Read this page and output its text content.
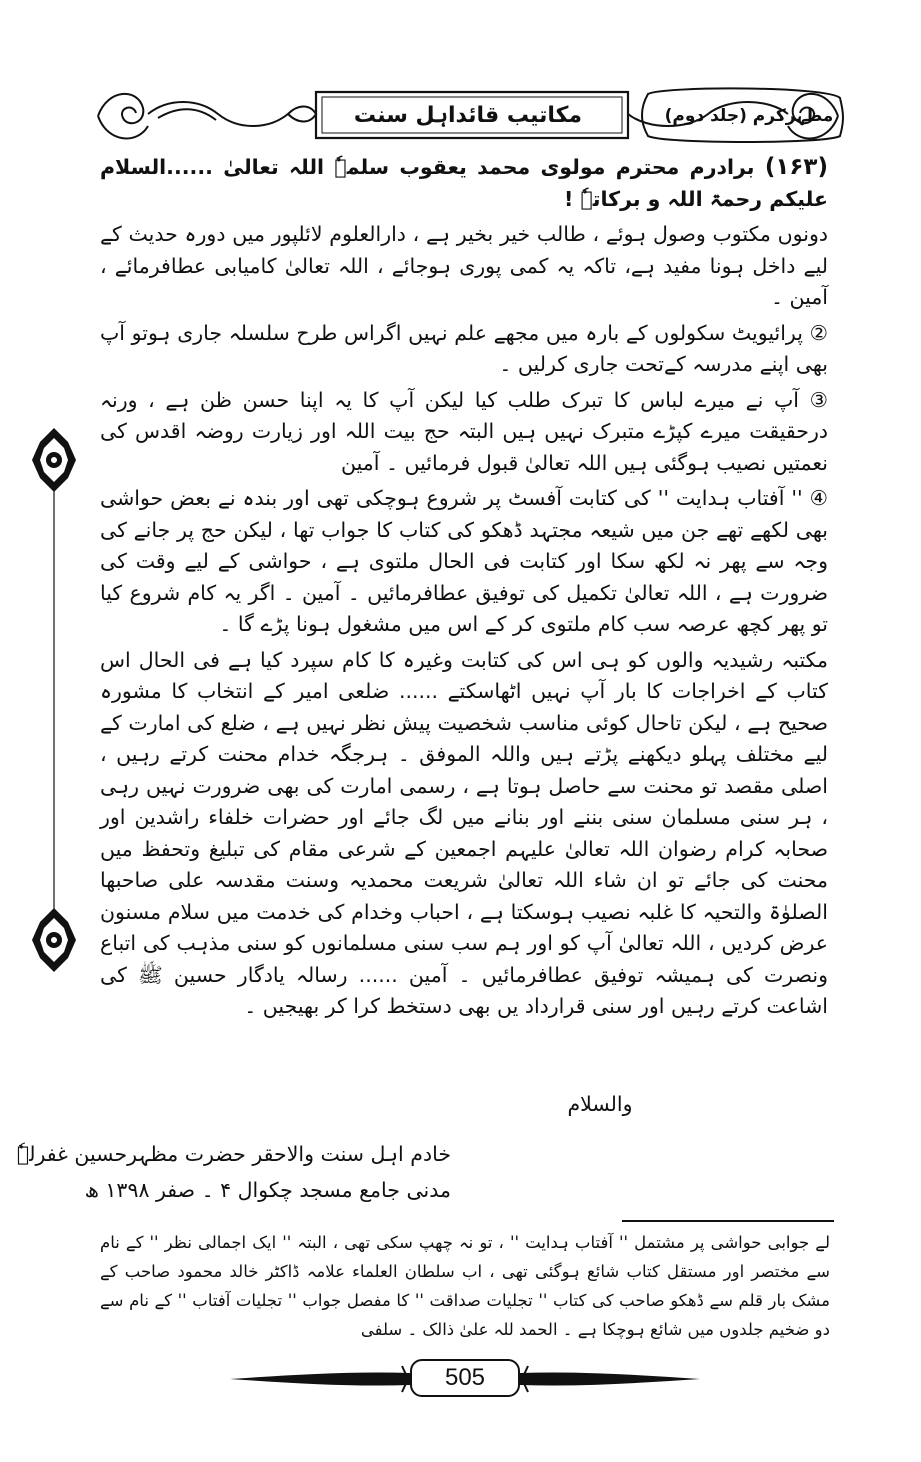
مکاتیب قائداہل سنت	مظہرکرم (جلد دوم)

(۱۶۳) برادرم محترم مولوی محمد یعقوب سلمہٗ اللہ تعالیٰ ......السلام علیکم رحمۃ اللہ و برکاتہٗ !

دونوں مکتوب وصول ہوئے ، طالب خیر بخیر ہے ، دارالعلوم لائلپور میں دورہ حدیث کے لیے داخل ہونا مفید ہے، تاکہ یہ کمی پوری ہوجائے ، اللہ تعالیٰ کامیابی عطافرمائے ، آمین ۔

② پرائیویٹ سکولوں کے بارہ میں مجھے علم نہیں اگراس طرح سلسلہ جاری ہوتو آپ بھی اپنے مدرسہ کےتحت جاری کرلیں ۔

③ آپ نے میرے لباس کا تبرک طلب کیا لیکن آپ کا یہ اپنا حسن ظن ہے ، ورنہ درحقیقت میرے کپڑے متبرک نہیں ہیں البتہ حج بیت اللہ اور زیارت روضہ اقدس کی نعمتیں نصیب ہوگئی ہیں اللہ تعالیٰ قبول فرمائیں ۔ آمین

④ '' آفتاب ہدایت '' کی کتابت آفسٹ پر شروع ہوچکی تھی اور بندہ نے بعض حواشی بھی لکھے تھے جن میں شیعہ مجتہد ڈھکو کی کتاب کا جواب تھا ، لیکن حج پر جانے کی وجہ سے پھر نہ لکھ سکا اور کتابت فی الحال ملتوی ہے ، حواشی کے لیے وقت کی ضرورت ہے ، اللہ تعالیٰ تکمیل کی توفیق عطافرمائیں ۔ آمین ۔ اگر یہ کام شروع کیا تو پھر کچھ عرصہ سب کام ملتوی کر کے اس میں مشغول ہونا پڑے گا ۔

مکتبہ رشیدیہ والوں کو ہی اس کی کتابت وغیرہ کا کام سپرد کیا ہے فی الحال اس کتاب کے اخراجات کا بار آپ نہیں اٹھاسکتے ...... ضلعی امیر کے انتخاب کا مشورہ صحیح ہے ، لیکن تاحال کوئی مناسب شخصیت پیش نظر نہیں ہے ، ضلع کی امارت کے لیے مختلف پہلو دیکھنے پڑتے ہیں واللہ الموفق ۔ ہرجگہ خدام محنت کرتے رہیں ، اصلی مقصد تو محنت سے حاصل ہوتا ہے ، رسمی امارت کی بھی ضرورت نہیں رہی ، ہر سنی مسلمان سنی بننے اور بنانے میں لگ جائے اور حضرات خلفاء راشدین اور صحابہ کرام رضوان اللہ تعالیٰ علیہم اجمعین کے شرعی مقام کی تبلیغ وتحفظ میں محنت کی جائے تو ان شاء اللہ تعالیٰ شریعت محمدیہ وسنت مقدسہ علی صاحبھا الصلوٰۃ والتحیہ کا غلبہ نصیب ہوسکتا ہے ، احباب وخدام کی خدمت میں سلام مسنون عرض کردیں ، اللہ تعالیٰ آپ کو اور ہم سب سنی مسلمانوں کو سنی مذہب کی اتباع ونصرت کی ہمیشہ توفیق عطافرمائیں ۔ آمین ...... رسالہ یادگار حسین ﷺ کی اشاعت کرتے رہیں اور سنی قرارداد یں بھی دستخط کرا کر بھیجیں ۔

والسلام
خادم اہل سنت والاحقر حضرت مظہرحسین غفرلہٗ
مدنی جامع مسجد چکوال ۴ ۔ صفر ۱۳۹۸ ھ
لے جوابی حواشی پر مشتمل '' آفتاب ہدایت '' ، تو نہ چھپ سکی تھی ، البتہ '' ایک اجمالی نظر '' کے نام سے مختصر اور مستقل کتاب شائع ہوگئی تھی ، اب سلطان العلماء علامہ ڈاکٹر خالد محمود صاحب کے مشک بار قلم سے ڈھکو صاحب کی کتاب '' تجلیات صداقت '' کا مفصل جواب '' تجلیات آفتاب '' کے نام سے دو ضخیم جلدوں میں شائع ہوچکا ہے ۔ الحمد للہ علیٰ ذالک ۔ سلفی
505
